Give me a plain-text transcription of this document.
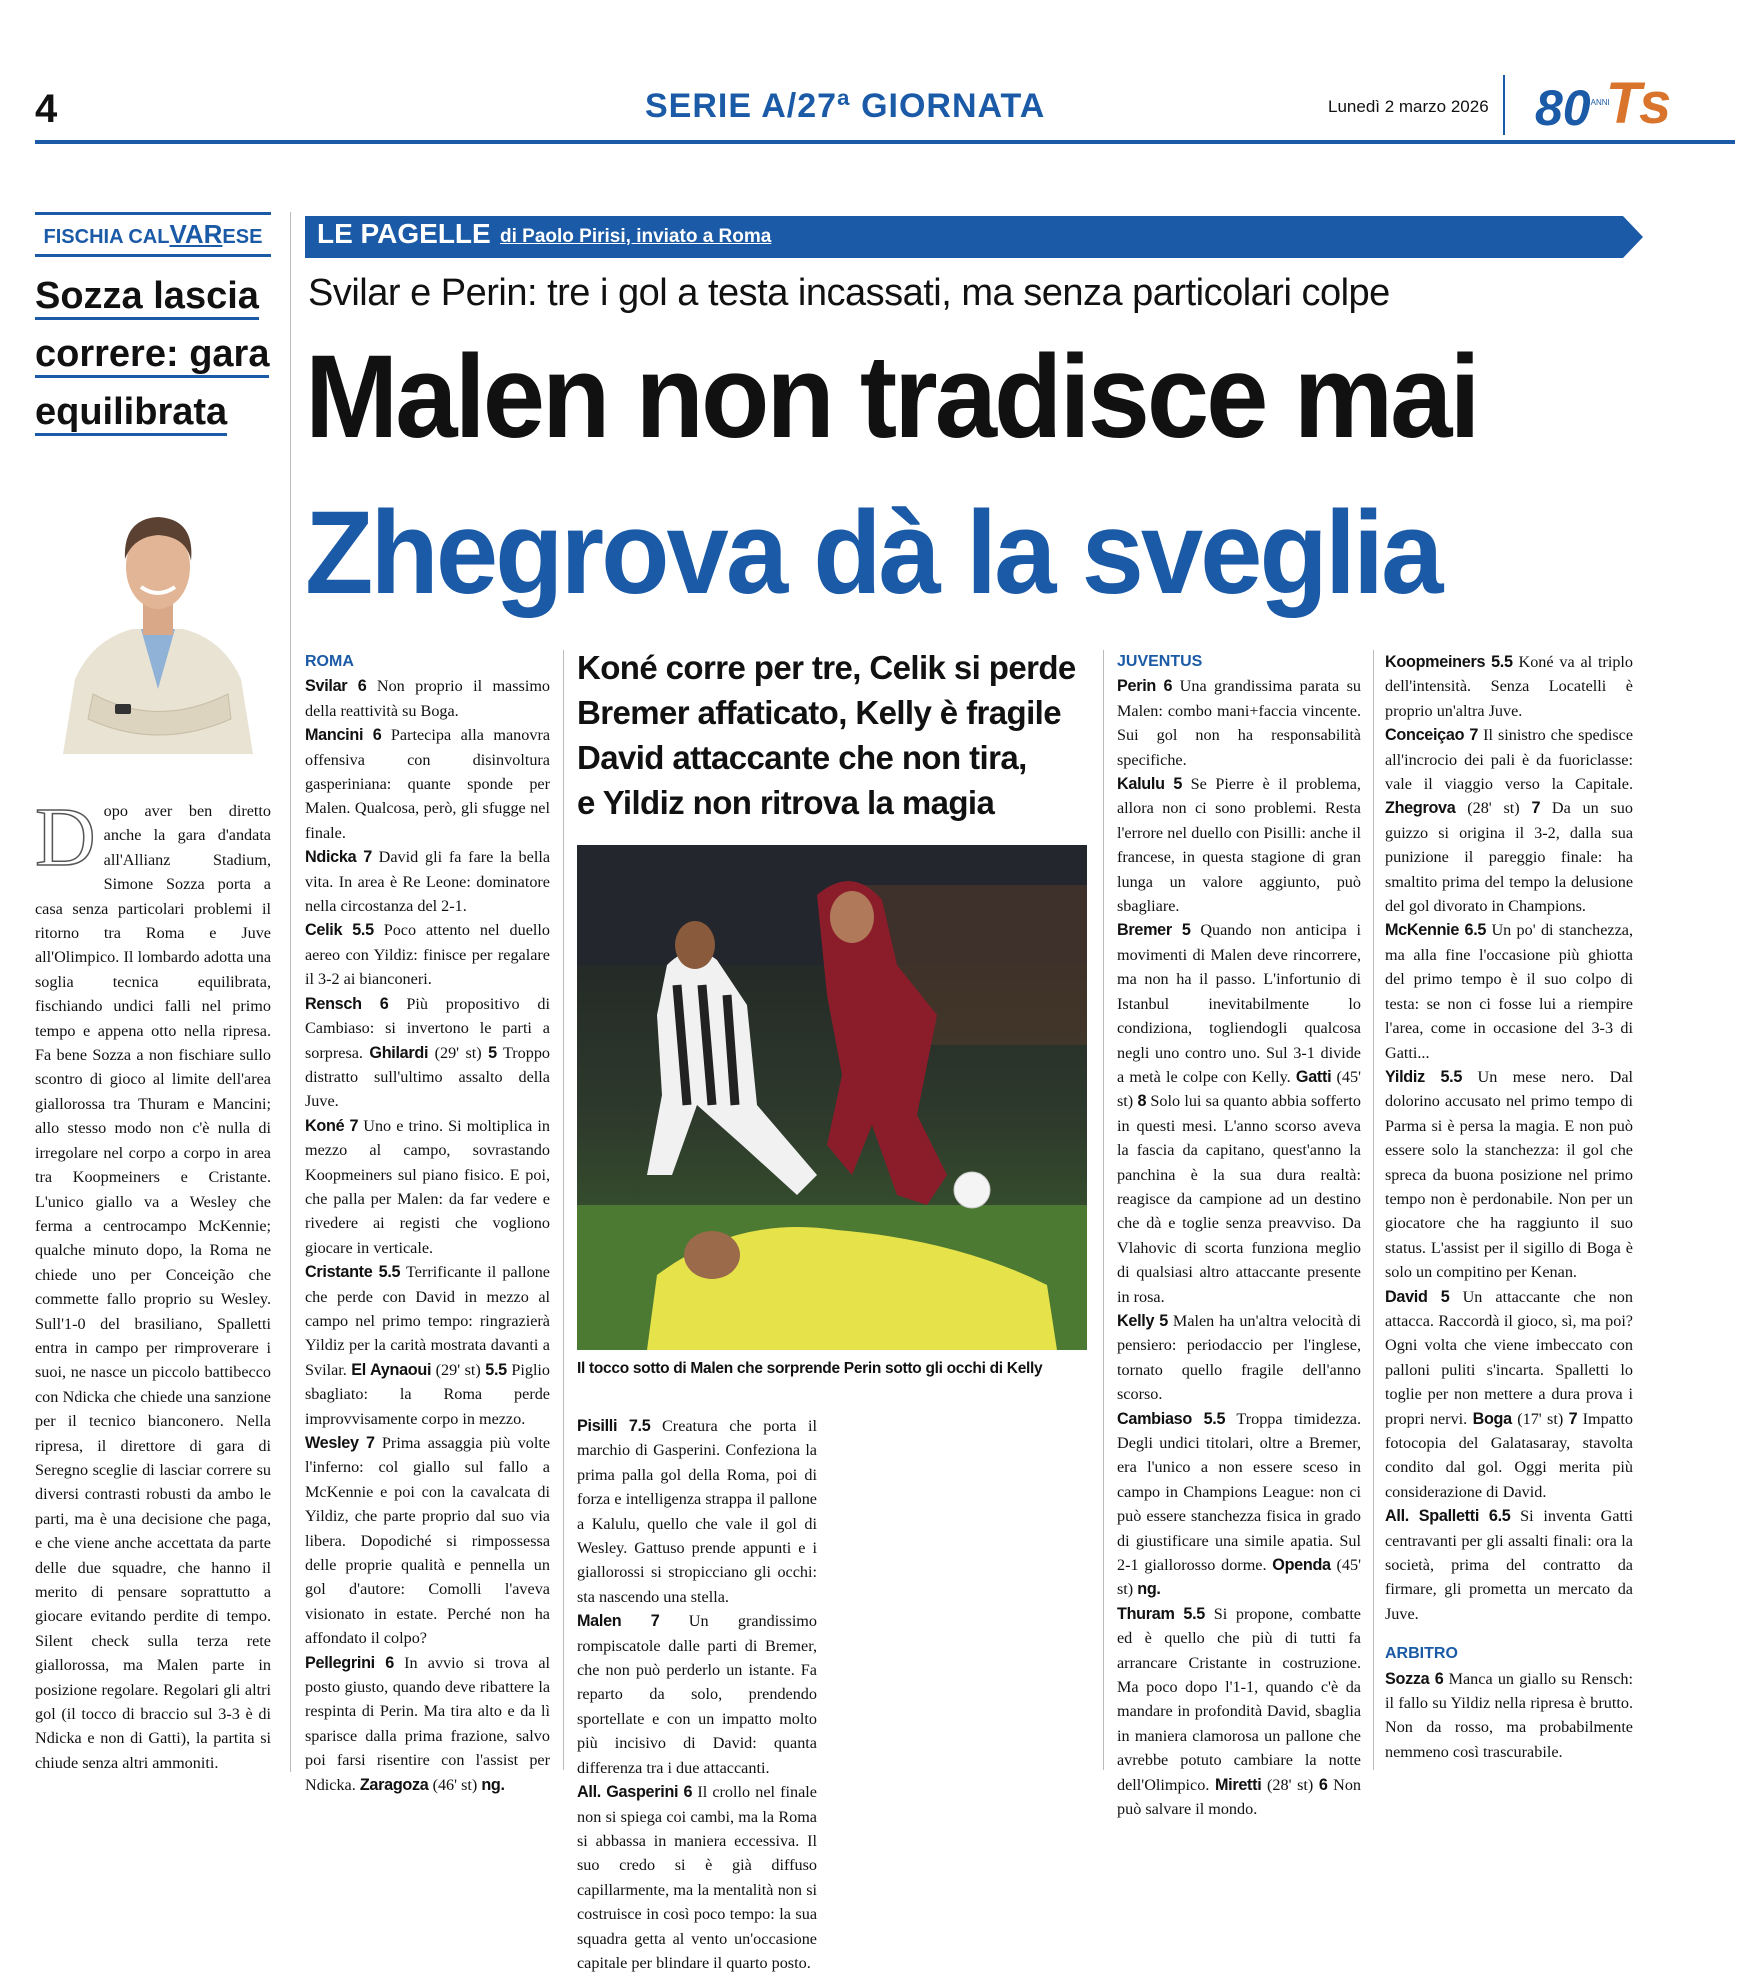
4	SERIE A/27ª GIORNATA	Lunedì 2 marzo 2026 80 ANNI
Ts
FISCHIA CALVARESE
Sozza lascia
correre: gara
equilibrata
Dopo aver ben diretto anche la gara d'andata all'Allianz Stadium, Simone Sozza porta a casa senza particolari problemi il ritorno tra Roma e Juve all'Olimpico. Il lombardo adotta una soglia tecnica equilibrata, fischiando undici falli nel primo tempo e appena otto nella ripresa. Fa bene Sozza a non fischiare sullo scontro di gioco al limite dell'area giallorossa tra Thuram e Mancini; allo stesso modo non c'è nulla di irregolare nel corpo a corpo in area tra Koopmeiners e Cristante. L'unico giallo va a Wesley che ferma a centrocampo McKennie; qualche minuto dopo, la Roma ne chiede uno per Conceição che commette fallo proprio su Wesley. Sull'1-0 del brasiliano, Spalletti entra in campo per rimproverare i suoi, ne nasce un piccolo battibecco con Ndicka che chiede una sanzione per il tecnico bianconero. Nella ripresa, il direttore di gara di Seregno sceglie di lasciar correre su diversi contrasti robusti da ambo le parti, ma è una decisione che paga, e che viene anche accettata da parte delle due squadre, che hanno il merito di pensare soprattutto a giocare evitando perdite di tempo. Silent check sulla terza rete giallorossa, ma Malen parte in posizione regolare. Regolari gli altri gol (il tocco di braccio sul 3-3 è di Ndicka e non di Gatti), la partita si chiude senza altri ammoniti.
LE PAGELLE di Paolo Pirisi, inviato a Roma
Svilar e Perin: tre i gol a testa incassati, ma senza particolari colpe
Malen non tradisce mai
Zhegrova dà la sveglia
ROMA
Svilar 6 Non proprio il massimo della reattività su Boga.
Mancini 6 Partecipa alla manovra offensiva con disinvoltura gasperiniana: quante sponde per Malen. Qualcosa, però, gli sfugge nel finale.
Ndicka 7 David gli fa fare la bella vita. In area è Re Leone: dominatore nella circostanza del 2-1.
Celik 5.5 Poco attento nel duello aereo con Yildiz: finisce per regalare il 3-2 ai bianconeri.
Rensch 6 Più propositivo di Cambiaso: si invertono le parti a sorpresa. Ghilardi (29' st) 5 Troppo distratto sull'ultimo assalto della Juve.
Koné 7 Uno e trino. Si moltiplica in mezzo al campo, sovrastando Koopmeiners sul piano fisico. E poi, che palla per Malen: da far vedere e rivedere ai registi che vogliono giocare in verticale.
Cristante 5.5 Terrificante il pallone che perde con David in mezzo al campo nel primo tempo: ringrazierà Yildiz per la carità mostrata davanti a Svilar. El Aynaoui (29' st) 5.5 Piglio sbagliato: la Roma perde improvvisamente corpo in mezzo.
Wesley 7 Prima assaggia più volte l'inferno: col giallo sul fallo a McKennie e poi con la cavalcata di Yildiz, che parte proprio dal suo via libera. Dopodiché si rimpossessa delle proprie qualità e pennella un gol d'autore: Comolli l'aveva visionato in estate. Perché non ha affondato il colpo?
Pellegrini 6 In avvio si trova al posto giusto, quando deve ribattere la respinta di Perin. Ma tira alto e da lì sparisce dalla prima frazione, salvo poi farsi risentire con l'assist per Ndicka. Zaragoza (46' st) ng.
Koné corre per tre, Celik si perde
Bremer affaticato, Kelly è fragile
David attaccante che non tira,
e Yildiz non ritrova la magia
Il tocco sotto di Malen che sorprende Perin sotto gli occhi di Kelly
Pisilli 7.5 Creatura che porta il marchio di Gasperini. Confeziona la prima palla gol della Roma, poi di forza e intelligenza strappa il pallone a Kalulu, quello che vale il gol di Wesley. Gattuso prende appunti e i giallorossi si stropicciano gli occhi: sta nascendo una stella.
Malen 7 Un grandissimo rompiscatole dalle parti di Bremer, che non può perderlo un istante. Fa reparto da solo, prendendo sportellate e con un impatto molto più incisivo di David: quanta differenza tra i due attaccanti.
All. Gasperini 6 Il crollo nel finale non si spiega coi cambi, ma la Roma si abbassa in maniera eccessiva. Il suo credo si è già diffuso capillarmente, ma la mentalità non si costruisce in così poco tempo: la sua squadra getta al vento un'occasione capitale per blindare il quarto posto.
JUVENTUS
Perin 6 Una grandissima parata su Malen: combo mani+faccia vincente. Sui gol non ha responsabilità specifiche.
Kalulu 5 Se Pierre è il problema, allora non ci sono problemi. Resta l'errore nel duello con Pisilli: anche il francese, in questa stagione di gran lunga un valore aggiunto, può sbagliare.
Bremer 5 Quando non anticipa i movimenti di Malen deve rincorrere, ma non ha il passo. L'infortunio di Istanbul inevitabilmente lo condiziona, togliendogli qualcosa negli uno contro uno. Sul 3-1 divide a metà le colpe con Kelly. Gatti (45' st) 8 Solo lui sa quanto abbia sofferto in questi mesi. L'anno scorso aveva la fascia da capitano, quest'anno la panchina è la sua dura realtà: reagisce da campione ad un destino che dà e toglie senza preavviso. Da Vlahovic di scorta funziona meglio di qualsiasi altro attaccante presente in rosa.
Kelly 5 Malen ha un'altra velocità di pensiero: periodaccio per l'inglese, tornato quello fragile dell'anno scorso.
Cambiaso 5.5 Troppa timidezza. Degli undici titolari, oltre a Bremer, era l'unico a non essere sceso in campo in Champions League: non ci può essere stanchezza fisica in grado di giustificare una simile apatia. Sul 2-1 giallorosso dorme. Openda (45' st) ng.
Thuram 5.5 Si propone, combatte ed è quello che più di tutti fa arrancare Cristante in costruzione. Ma poco dopo l'1-1, quando c'è da mandare in profondità David, sbaglia in maniera clamorosa un pallone che avrebbe potuto cambiare la notte dell'Olimpico. Miretti (28' st) 6 Non può salvare il mondo.
Koopmeiners 5.5 Koné va al triplo dell'intensità. Senza Locatelli è proprio un'altra Juve.
Conceiçao 7 Il sinistro che spedisce all'incrocio dei pali è da fuoriclasse: vale il viaggio verso la Capitale. Zhegrova (28' st) 7 Da un suo guizzo si origina il 3-2, dalla sua punizione il pareggio finale: ha smaltito prima del tempo la delusione del gol divorato in Champions.
McKennie 6.5 Un po' di stanchezza, ma alla fine l'occasione più ghiotta del primo tempo è il suo colpo di testa: se non ci fosse lui a riempire l'area, come in occasione del 3-3 di Gatti...
Yildiz 5.5 Un mese nero. Dal dolorino accusato nel primo tempo di Parma si è persa la magia. E non può essere solo la stanchezza: il gol che spreca da buona posizione nel primo tempo non è perdonabile. Non per un giocatore che ha raggiunto il suo status. L'assist per il sigillo di Boga è solo un compitino per Kenan.
David 5 Un attaccante che non attacca. Raccordà il gioco, sì, ma poi? Ogni volta che viene imbeccato con palloni puliti s'incarta. Spalletti lo toglie per non mettere a dura prova i propri nervi. Boga (17' st) 7 Impatto fotocopia del Galatasaray, stavolta condito dal gol. Oggi merita più considerazione di David.
All. Spalletti 6.5 Si inventa Gatti centravanti per gli assalti finali: ora la società, prima del contratto da firmare, gli prometta un mercato da Juve.
ARBITRO
Sozza 6 Manca un giallo su Rensch: il fallo su Yildiz nella ripresa è brutto. Non da rosso, ma probabilmente nemmeno così trascurabile.
